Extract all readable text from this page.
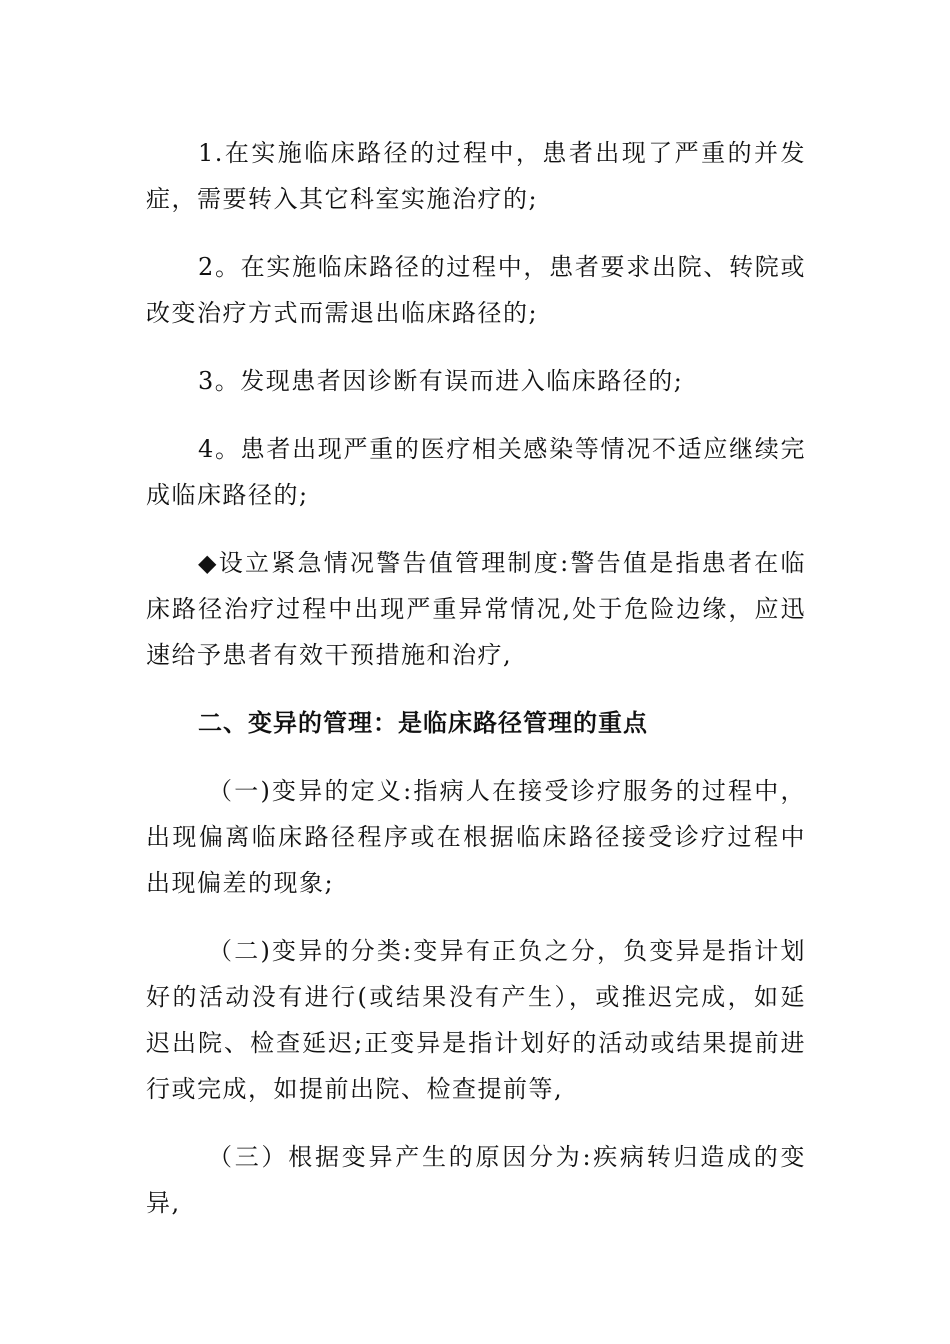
1.在实施临床路径的过程中，患者出现了严重的并发症，需要转入其它科室实施治疗的;

2。在实施临床路径的过程中，患者要求出院、转院或改变治疗方式而需退出临床路径的;

3。发现患者因诊断有误而进入临床路径的;

4。患者出现严重的医疗相关感染等情况不适应继续完成临床路径的;

◆设立紧急情况警告值管理制度:警告值是指患者在临床路径治疗过程中出现严重异常情况,处于危险边缘，应迅速给予患者有效干预措施和治疗,

二、变异的管理：是临床路径管理的重点

（一)变异的定义:指病人在接受诊疗服务的过程中，出现偏离临床路径程序或在根据临床路径接受诊疗过程中出现偏差的现象;

（二)变异的分类:变异有正负之分，负变异是指计划好的活动没有进行(或结果没有产生），或推迟完成，如延迟出院、检查延迟;正变异是指计划好的活动或结果提前进行或完成，如提前出院、检查提前等,

（三）根据变异产生的原因分为:疾病转归造成的变异,
